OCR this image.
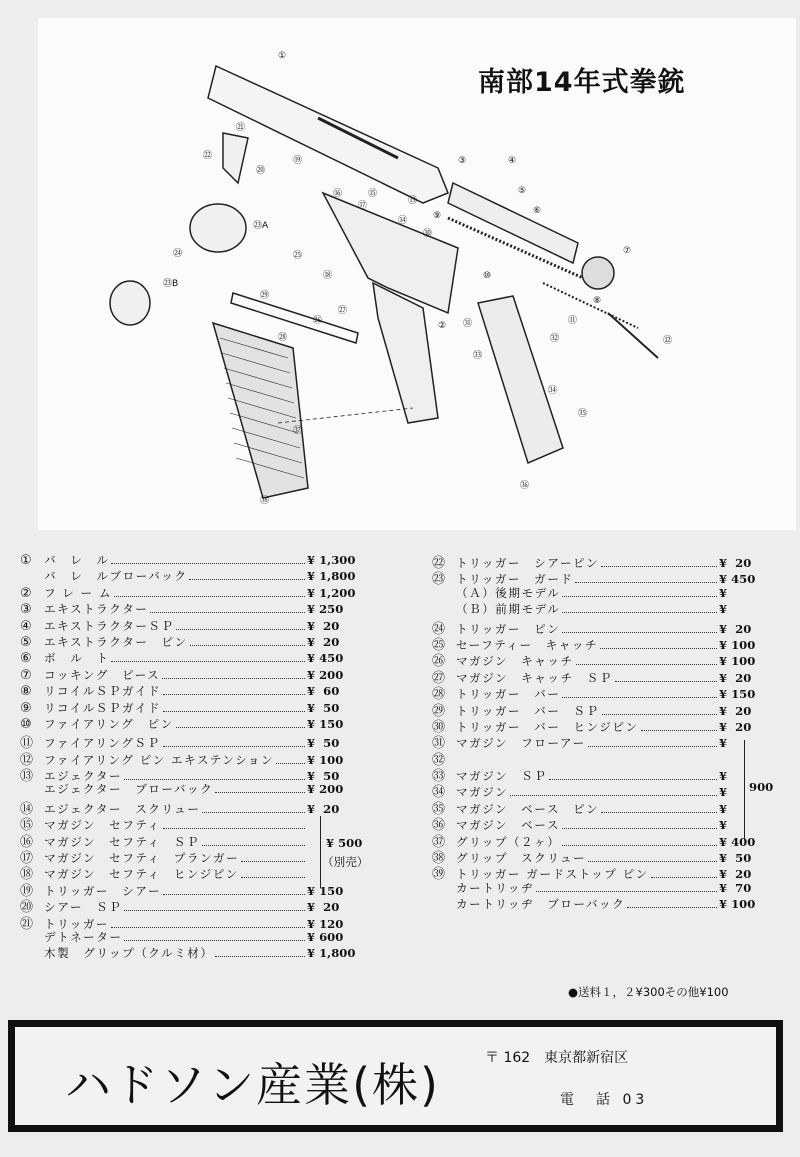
①
②
③	④
⑤
⑥
⑦
⑧
⑨
⑩
⑪
⑫
⑬
⑭
⑮
⑯
⑰
⑱
⑲
⑳
㉑
㉒
㉓A
㉓B
㉔	㉕
㉖
㉗
㉘
㉙
㉚
㉛
㉜
㉝
㉞
㉟
㊱
㊲
㊳
南部14年式拳銃
①	バ　レ　ル	¥ 1,300
バ　レ　ルブローバック	¥ 1,800
②	フ レ ー ム	¥ 1,200
③	エキストラクター	¥ 250
④	エキストラクターＳＰ	¥  20
⑤	エキストラクター　ピン	¥  20
⑥	ボ　ル　ト	¥ 450
⑦	コッキング　ピース	¥ 200
⑧	リコイルＳＰガイド	¥  60
⑨	リコイルＳＰガイド	¥  50
⑩	ファイアリング　ピン	¥ 150
⑪ ファイアリングＳＰ	¥  50
⑫ ファイアリング ピン エキステンション	¥ 100
⑬ エジェクター	¥  50
エジェクター　ブローバック	¥ 200
⑭ エジェクター　スクリュー	¥  20
⑮ マガジン　セフティ
⑯ マガジン　セフティ　ＳＰ
⑰ マガジン　セフティ　プランガー
⑱ マガジン　セフティ　ヒンジピン
⑲ トリッガー　シアー	¥ 150
⑳ シアー　ＳＰ	¥  20
㉑ トリッガー	¥ 120
デトネーター	¥ 600
木製　グリップ（クルミ材）	¥ 1,800
¥ 500
（別売）
㉒ トリッガー　シアーピン	¥  20
㉓ トリッガー　ガード	¥ 450
（Ａ）後期モデル	¥
（Ｂ）前期モデル	¥
㉔ トリッガー　ピン	¥  20
㉕ セーフティー　キャッチ	¥ 100
㉖ マガジン　キャッチ	¥ 100
㉗ マガジン　キャッチ　ＳＰ	¥  20
㉘ トリッガー　バー	¥ 150
㉙ トリッガー　バー　ＳＰ	¥  20
㉚ トリッガー　バー　ヒンジピン	¥  20
㉛ マガジン　フローアー	¥
㉜
㉝ マガジン　ＳＰ	¥
㉞ マガジン	¥
㉟ マガジン　ベース　ピン	¥
㊱ マガジン　ベース	¥
㊲ グリップ（２ヶ）	¥ 400
㊳ グリップ　スクリュー	¥  50
㊴ トリッガー ガードストップ ピン	¥  20
カートリッヂ	¥  70
カートリッヂ　ブローバック	¥ 100
900
●送料１，２¥300その他¥100
ハドソン産業(株)	〒 162　東京都新宿区
電　話 03
